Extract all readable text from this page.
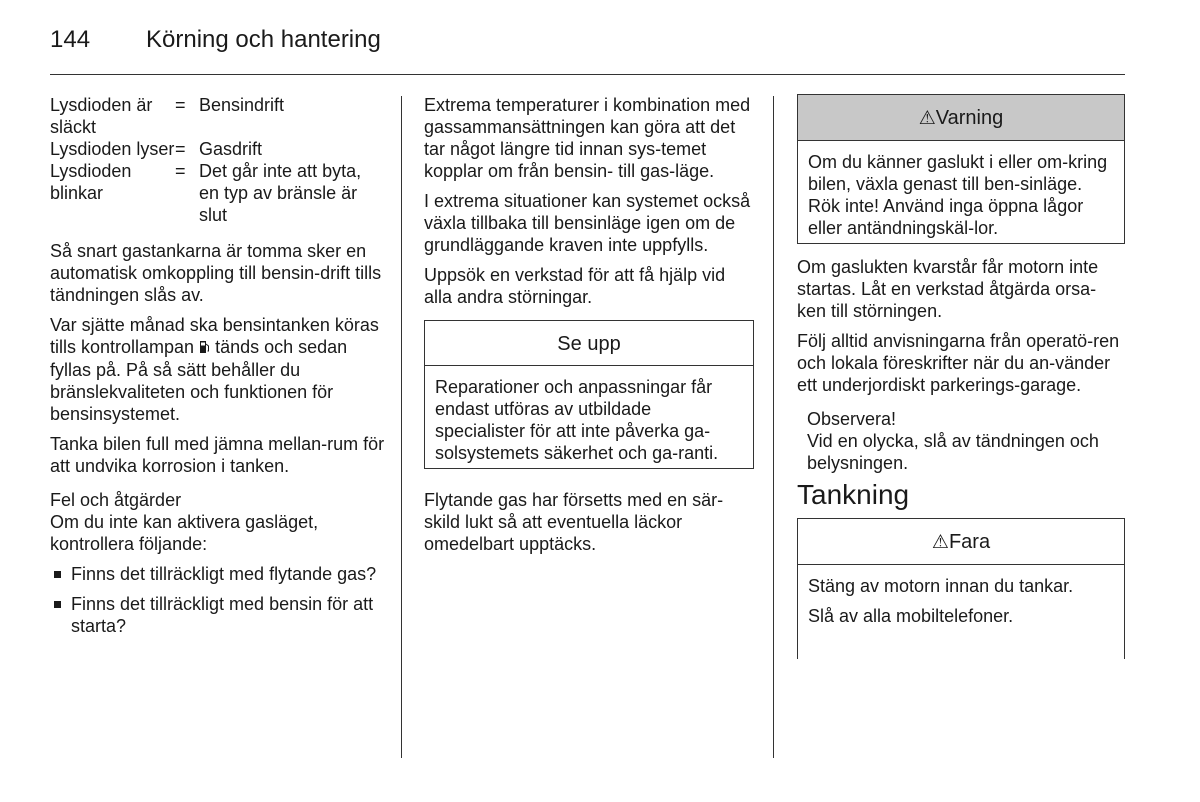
144 Körning och hantering
Lysdioden är släckt
= Bensindrift
Lysdioden lyser = Gasdrift
Lysdioden blinkar
= Det går inte att byta, en typ av bränsle är slut

Så snart gastankarna är tomma sker en automatisk omkoppling till bensin-drift tills tändningen slås av.

Var sjätte månad ska bensintanken köras tills kontrollampan  tänds och sedan fyllas på. På så sätt behåller du bränslekvaliteten och funktionen för bensinsystemet.

Tanka bilen full med jämna mellan-rum för att undvika korrosion i tanken.

Fel och åtgärder

Om du inte kan aktivera gasläget, kontrollera följande:

Finns det tillräckligt med flytande gas?
Finns det tillräckligt med bensin för att starta?

Extrema temperaturer i kombination med gassammansättningen kan göra att det tar något längre tid innan sys-temet kopplar om från bensin- till gas-läge.

I extrema situationer kan systemet också växla tillbaka till bensinläge igen om de grundläggande kraven inte uppfylls.

Uppsök en verkstad för att få hjälp vid alla andra störningar.

Se upp
Reparationer och anpassningar får endast utföras av utbildade specialister för att inte påverka ga-solsystemets säkerhet och ga-ranti.

Flytande gas har försetts med en sär-skild lukt så att eventuella läckor omedelbart upptäcks.

⚠Varning
Om du känner gaslukt i eller om-kring bilen, växla genast till ben-sinläge. Rök inte! Använd inga öppna lågor eller antändningskäl-lor.

Om gaslukten kvarstår får motorn inte startas. Låt en verkstad åtgärda orsa-ken till störningen.

Följ alltid anvisningarna från operatö-ren och lokala föreskrifter när du an-vänder ett underjordiskt parkerings-garage.

Observera!
Vid en olycka, slå av tändningen och belysningen.

Tankning

⚠Fara

Stäng av motorn innan du tankar.

Slå av alla mobiltelefoner.
